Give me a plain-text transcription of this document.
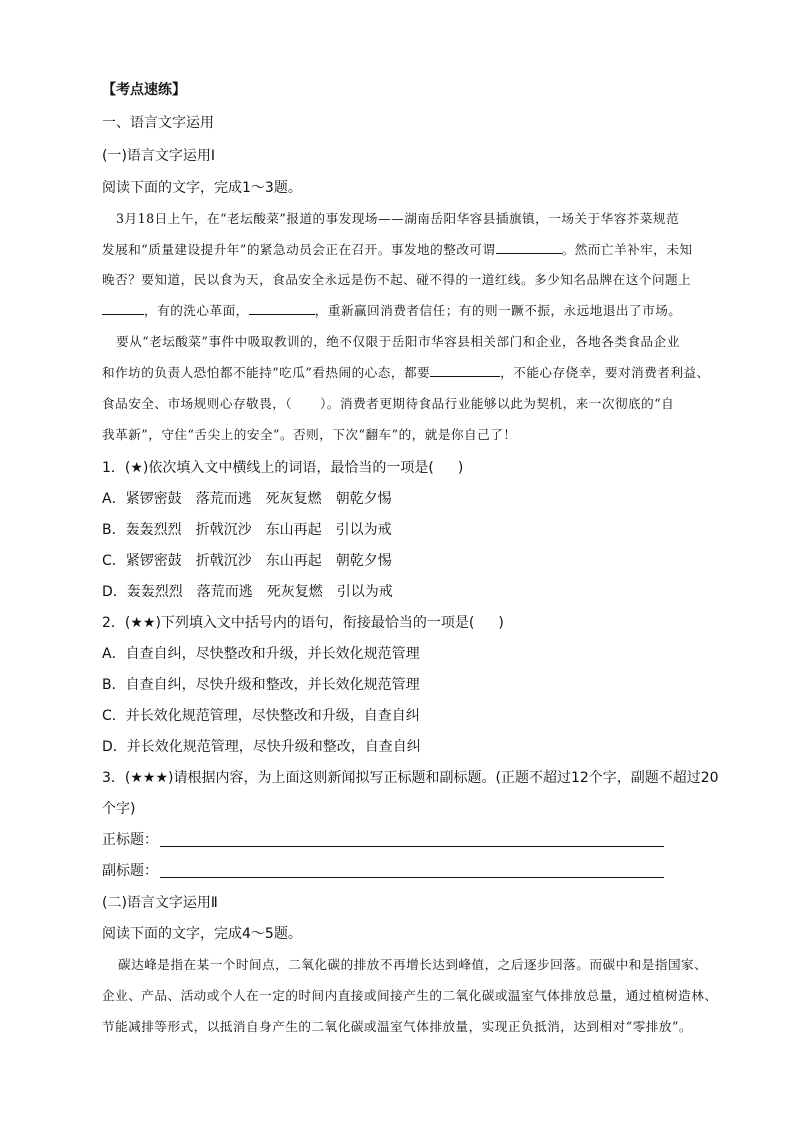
【考点速练】
一、语言文字运用
(一)语言文字运用Ⅰ
阅读下面的文字，完成1～3题。
3月18日上午，在“老坛酸菜”报道的事发现场——湖南岳阳华容县插旗镇，一场关于华容芥菜规范
发展和“质量建设提升年”的紧急动员会正在召开。事发地的整改可谓	。然而亡羊补牢，未知
晚否？要知道，民以食为天，食品安全永远是伤不起、碰不得的一道红线。多少知名品牌在这个问题上
，有的洗心革面，	，重新赢回消费者信任；有的则一蹶不振，永远地退出了市场。
要从“老坛酸菜”事件中吸取教训的，绝不仅限于岳阳市华容县相关部门和企业，各地各类食品企业
和作坊的负责人恐怕都不能持“吃瓜”看热闹的心态，都要	，不能心存侥幸，要对消费者利益、
食品安全、市场规则心存敬畏，（ ）。消费者更期待食品行业能够以此为契机，来一次彻底的“自
我革新”，守住“舌尖上的安全”。否则，下次“翻车”的，就是你自己了！
1．(★)依次填入文中横线上的词语，最恰当的一项是( )
A．紧锣密鼓 落荒而逃 死灰复燃 朝乾夕惕
B．轰轰烈烈 折戟沉沙 东山再起 引以为戒
C．紧锣密鼓 折戟沉沙 东山再起 朝乾夕惕
D．轰轰烈烈 落荒而逃 死灰复燃 引以为戒
2．(★★)下列填入文中括号内的语句，衔接最恰当的一项是( )
A．自查自纠，尽快整改和升级，并长效化规范管理
B．自查自纠，尽快升级和整改，并长效化规范管理
C．并长效化规范管理，尽快整改和升级，自查自纠
D．并长效化规范管理，尽快升级和整改，自查自纠
3．(★★★)请根据内容，为上面这则新闻拟写正标题和副标题。(正题不超过12个字，副题不超过20
个字)
正标题：
副标题：
(二)语言文字运用Ⅱ
阅读下面的文字，完成4～5题。
碳达峰是指在某一个时间点，二氧化碳的排放不再增长达到峰值，之后逐步回落。而碳中和是指国家、
企业、产品、活动或个人在一定的时间内直接或间接产生的二氧化碳或温室气体排放总量，通过植树造林、
节能减排等形式，以抵消自身产生的二氧化碳或温室气体排放量，实现正负抵消，达到相对“零排放”。
